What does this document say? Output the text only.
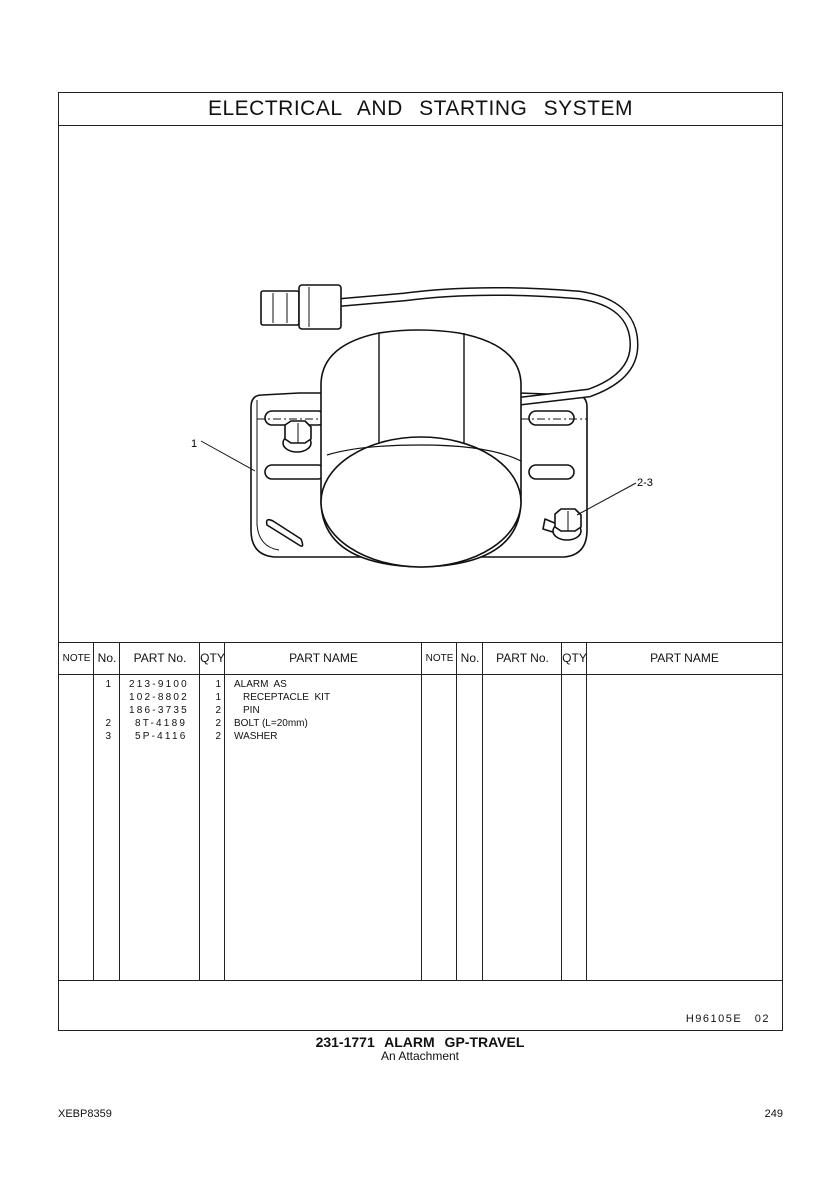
ELECTRICAL AND STARTING SYSTEM
1
2-3
NOTE No.	PART No.	QTY	PART NAME	NOTE No.	PART No.	QTY	PART NAME
1 213-9100	1 ALARM  AS
102-8802	1 RECEPTACLE  KIT
186-3735	2 PIN
2 8T-4189	2 BOLT (L=20mm)
3 5P-4116	2 WASHER
H96105E 02
231-1771 ALARM GP-TRAVEL
An Attachment
XEBP8359	249
